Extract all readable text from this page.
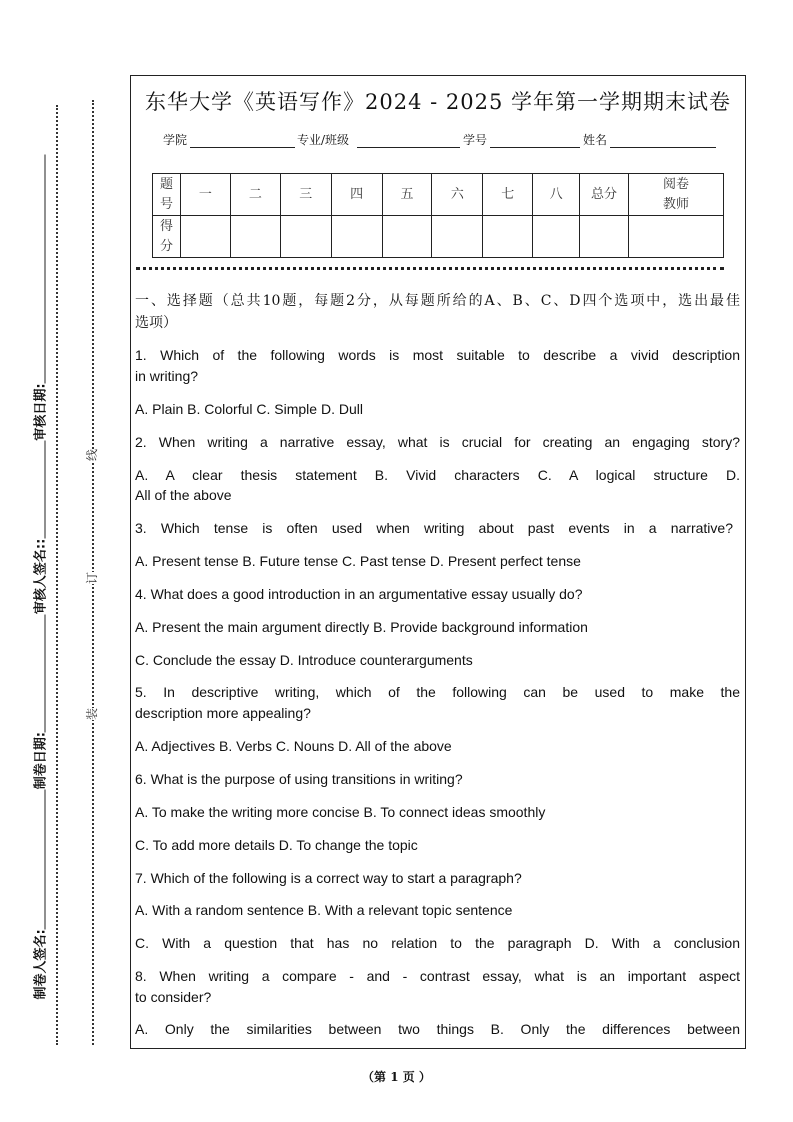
制卷人签名:
制卷日期:
审核人签名::
审核日期:
线
订
装
东华大学《英语写作》2024 - 2025 学年第一学期期末试卷
学院	专业/班级	学号	姓名
题号	一	二	三	四	五	六	七	八	总分	阅卷教师
得分										
一、选择题（总共10题，每题2分，从每题所给的A、B、C、D四个选项中，选出最佳
选项）
1. Which of the following words is most suitable to describe a vivid description
in writing?
A. Plain B. Colorful C. Simple D. Dull
2. When writing a narrative essay, what is crucial for creating an engaging story?
A. A clear thesis statement B. Vivid characters C. A logical structure D.
All of the above
3. Which tense is often used when writing about past events in a narrative?
A. Present tense B. Future tense C. Past tense D. Present perfect tense
4. What does a good introduction in an argumentative essay usually do?
A. Present the main argument directly B. Provide background information
C. Conclude the essay D. Introduce counterarguments
5. In descriptive writing, which of the following can be used to make the
description more appealing?
A. Adjectives B. Verbs C. Nouns D. All of the above
6. What is the purpose of using transitions in writing?
A. To make the writing more concise B. To connect ideas smoothly
C. To add more details D. To change the topic
7. Which of the following is a correct way to start a paragraph?
A. With a random sentence B. With a relevant topic sentence
C. With a question that has no relation to the paragraph D. With a conclusion
8. When writing a compare - and - contrast essay, what is an important aspect
to consider?
A. Only the similarities between two things B. Only the differences between
（第 1 页 ）
